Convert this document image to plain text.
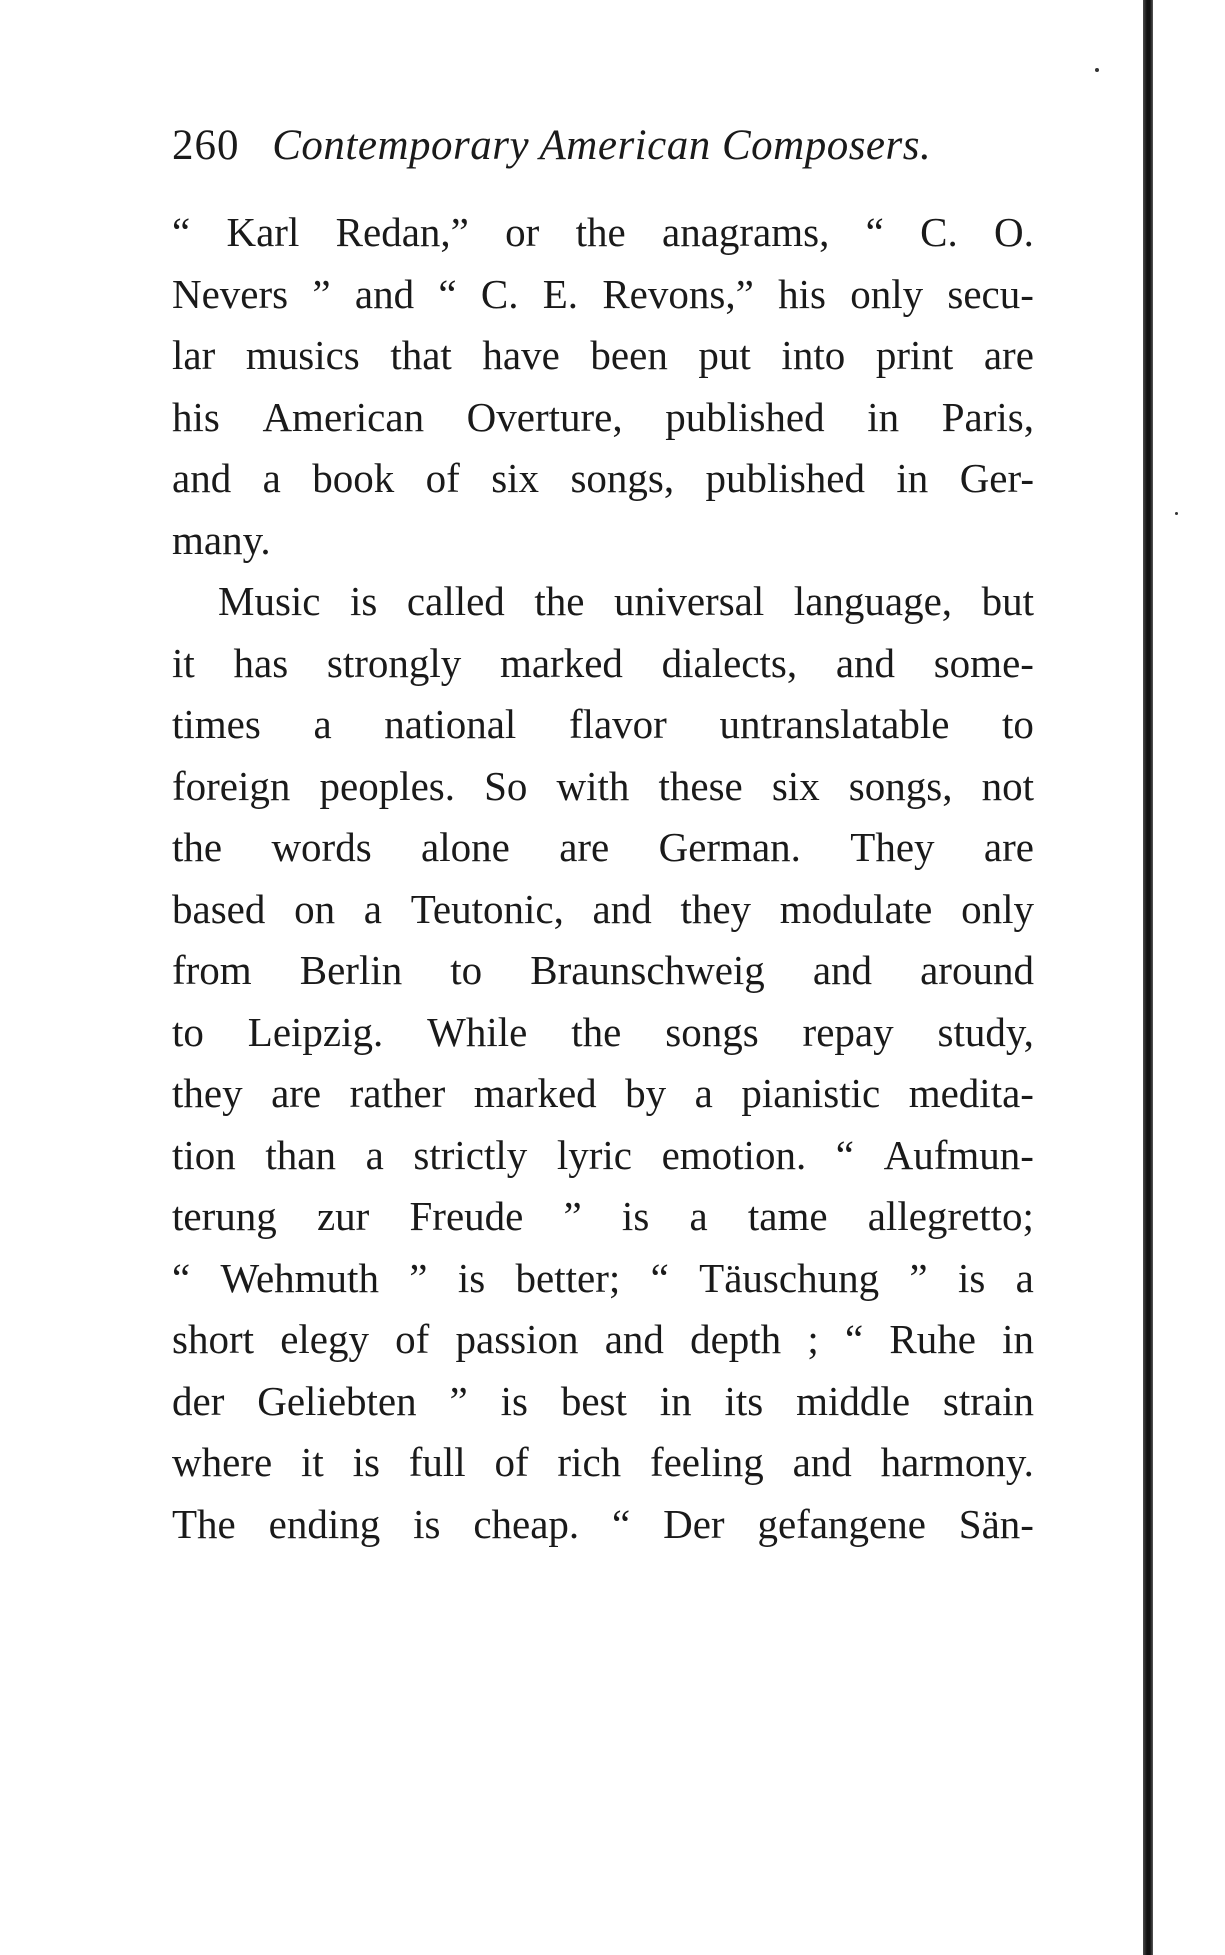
260 Contemporary American Composers.
“ Karl Redan,” or the anagrams, “ C. O.
Nevers ” and “ C. E. Revons,” his only secu-
lar musics that have been put into print are
his American Overture, published in Paris,
and a book of six songs, published in Ger-
many.
Music is called the universal language, but
it has strongly marked dialects, and some-
times a national flavor untranslatable to
foreign peoples. So with these six songs, not
the words alone are German. They are
based on a Teutonic, and they modulate only
from Berlin to Braunschweig and around
to Leipzig. While the songs repay study,
they are rather marked by a pianistic medita-
tion than a strictly lyric emotion. “ Aufmun-
terung zur Freude ” is a tame allegretto;
“ Wehmuth ” is better; “ Täuschung ” is a
short elegy of passion and depth ; “ Ruhe in
der Geliebten ” is best in its middle strain
where it is full of rich feeling and harmony.
The ending is cheap. “ Der gefangene Sän-
